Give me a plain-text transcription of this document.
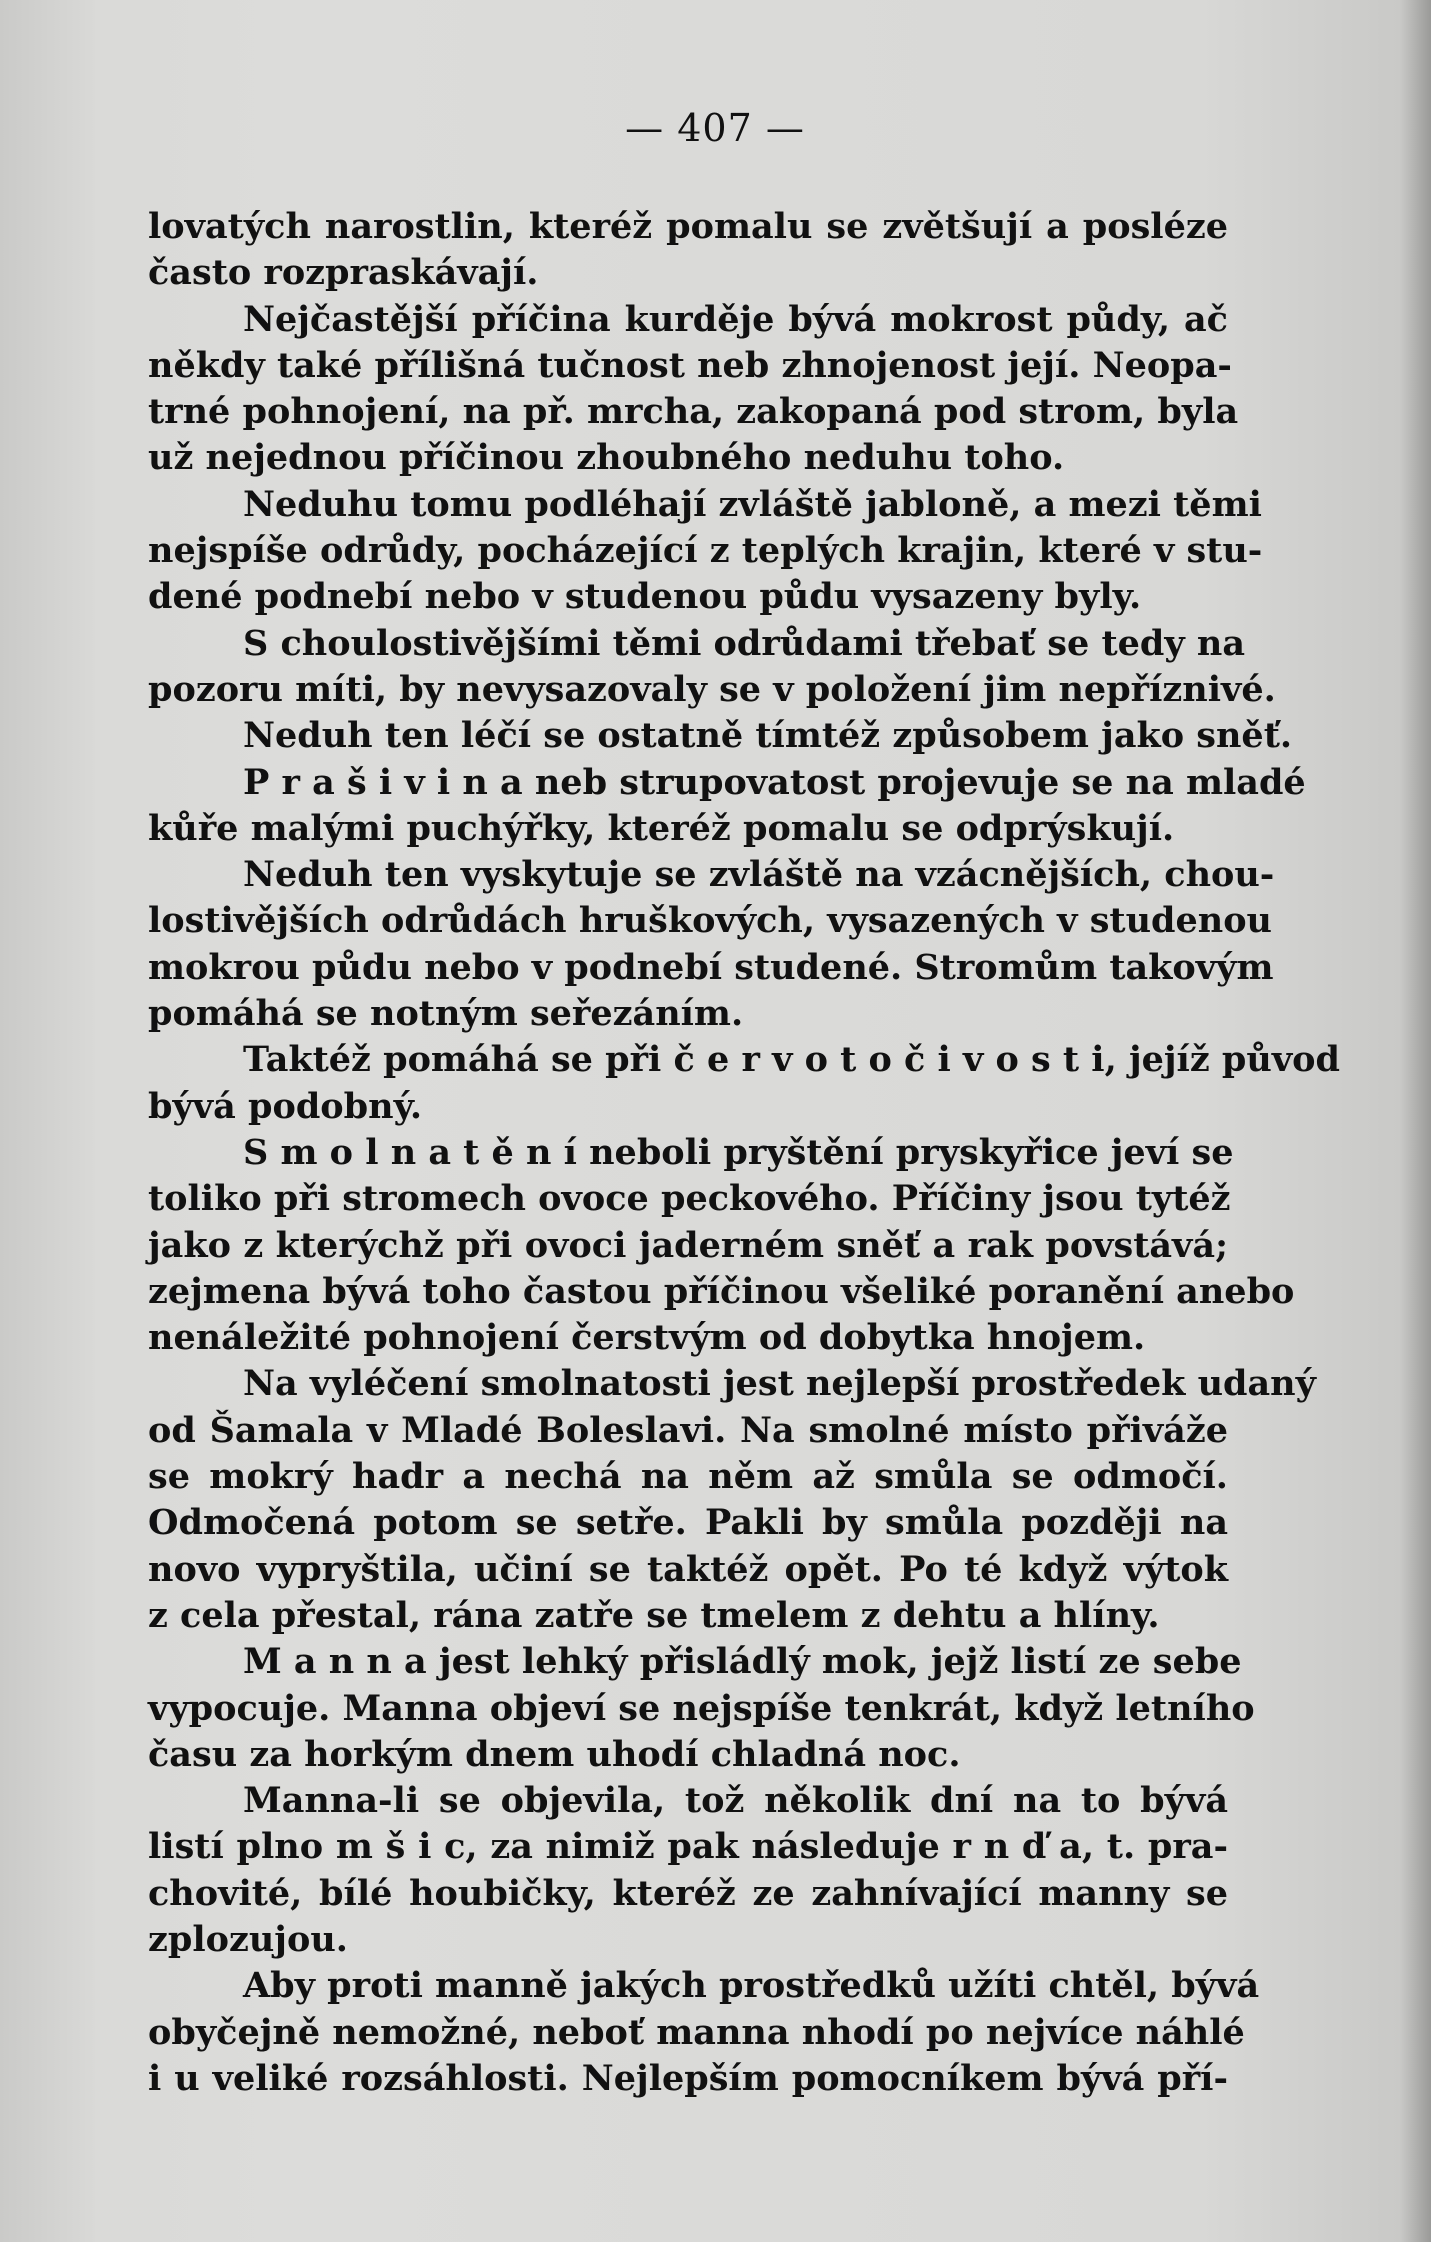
— 407 —
lovatých narostlin, kteréž pomalu se zvětšují a posléze
často rozpraskávají.
Nejčastější příčina kurděje bývá mokrost půdy, ač
někdy také přílišná tučnost neb zhnojenost její. Neopa-
trné pohnojení, na př. mrcha, zakopaná pod strom, byla
už nejednou příčinou zhoubného neduhu toho.
Neduhu tomu podléhají zvláště jabloně, a mezi těmi
nejspíše odrůdy, pocházející z teplých krajin, které v stu-
dené podnebí nebo v studenou půdu vysazeny byly.
S choulostivějšími těmi odrůdami třebať se tedy na
pozoru míti, by nevysazovaly se v položení jim nepříznivé.
Neduh ten léčí se ostatně tímtéž způsobem jako sněť.
P r a š i v i n a neb strupovatost projevuje se na mladé
kůře malými puchýřky, kteréž pomalu se odprýskují.
Neduh ten vyskytuje se zvláště na vzácnějších, chou-
lostivějších odrůdách hruškových, vysazených v studenou
mokrou půdu nebo v podnebí studené. Stromům takovým
pomáhá se notným seřezáním.
Taktéž pomáhá se při č e r v o t o č i v o s t i, jejíž původ
bývá podobný.
S m o l n a t ě n í neboli pryštění pryskyřice jeví se
toliko při stromech ovoce peckového. Příčiny jsou tytéž
jako z kterýchž při ovoci jaderném sněť a rak povstává;
zejmena bývá toho častou příčinou všeliké poranění anebo
nenáležité pohnojení čerstvým od dobytka hnojem.
Na vyléčení smolnatosti jest nejlepší prostředek udaný
od Šamala v Mladé Boleslavi. Na smolné místo přiváže
se mokrý hadr a nechá na něm až smůla se odmočí.
Odmočená potom se setře. Pakli by smůla později na
novo vypryštila, učiní se taktéž opět. Po té když výtok
z cela přestal, rána zatře se tmelem z dehtu a hlíny.
M a n n a jest lehký přisládlý mok, jejž listí ze sebe
vypocuje. Manna objeví se nejspíše tenkrát, když letního
času za horkým dnem uhodí chladná noc.
Manna-li se objevila, tož několik dní na to bývá
listí plno m š i c, za nimiž pak následuje r n ď a, t. pra-
chovité, bílé houbičky, kteréž ze zahnívající manny se
zplozujou.
Aby proti manně jakých prostředků užíti chtěl, bývá
obyčejně nemožné, neboť manna nhodí po nejvíce náhlé
i u veliké rozsáhlosti. Nejlepším pomocníkem bývá pří-
